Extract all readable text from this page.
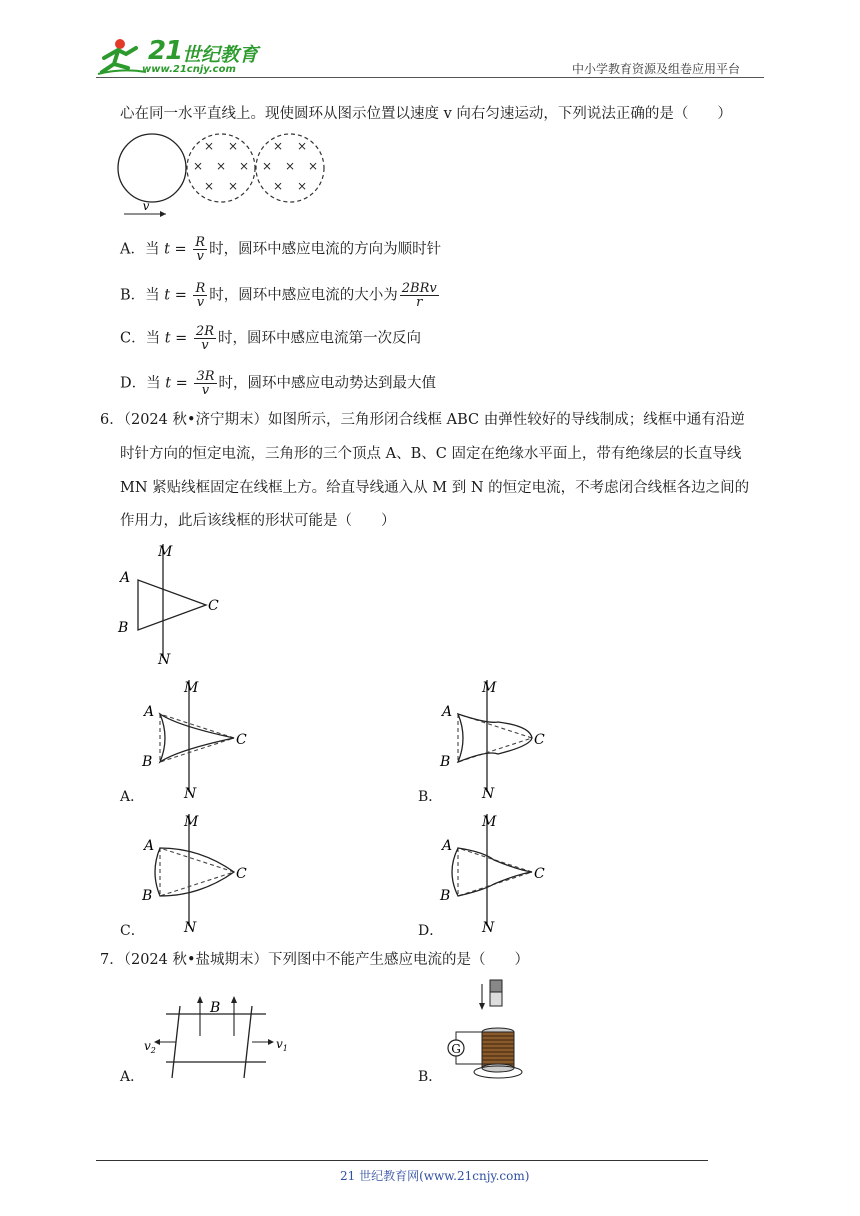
21 世纪教育
www.21cnjy.com	中小学教育资源及组卷应用平台
心在同一水平直线上。现使圆环从图示位置以速度 v 向右匀速运动，下列说法正确的是（　　）
× ×
× × ×
× ×
× ×
× × ×
× ×
v
A．当 $t = \frac{R}{v}$ 时，圆环中感应电流的方向为顺时针
B．当 $t = \frac{R}{v}$ 时，圆环中感应电流的大小为 $\frac{\text{2BRv}}{r}$
C．当 $t = \frac{2R}{v}$ 时，圆环中感应电流第一次反向
D．当 $t = \frac{3R}{v}$ 时，圆环中感应电动势达到最大值
6．（2024 秋•济宁期末）如图所示，三角形闭合线框 ABC 由弹性较好的导线制成；线框中通有沿逆
时针方向的恒定电流，三角形的三个顶点 A、B、C 固定在绝缘水平面上，带有绝缘层的长直导线
MN 紧贴线框固定在线框上方。给直导线通入从 M 到 N 的恒定电流，不考虑闭合线框各边之间的
作用力，此后该线框的形状可能是（　　）
M
N
A
B
C
M
N
A
B
C
A．
M
N
A
B
C
B．
M
N
A
B
C
C．
M
N
A
B
C
D．
7．（2024 秋•盐城期末）下列图中不能产生感应电流的是（　　）
B
$v_2$	$v_1$
A．
G
B．
21 世纪教育网(www.21cnjy.com)
